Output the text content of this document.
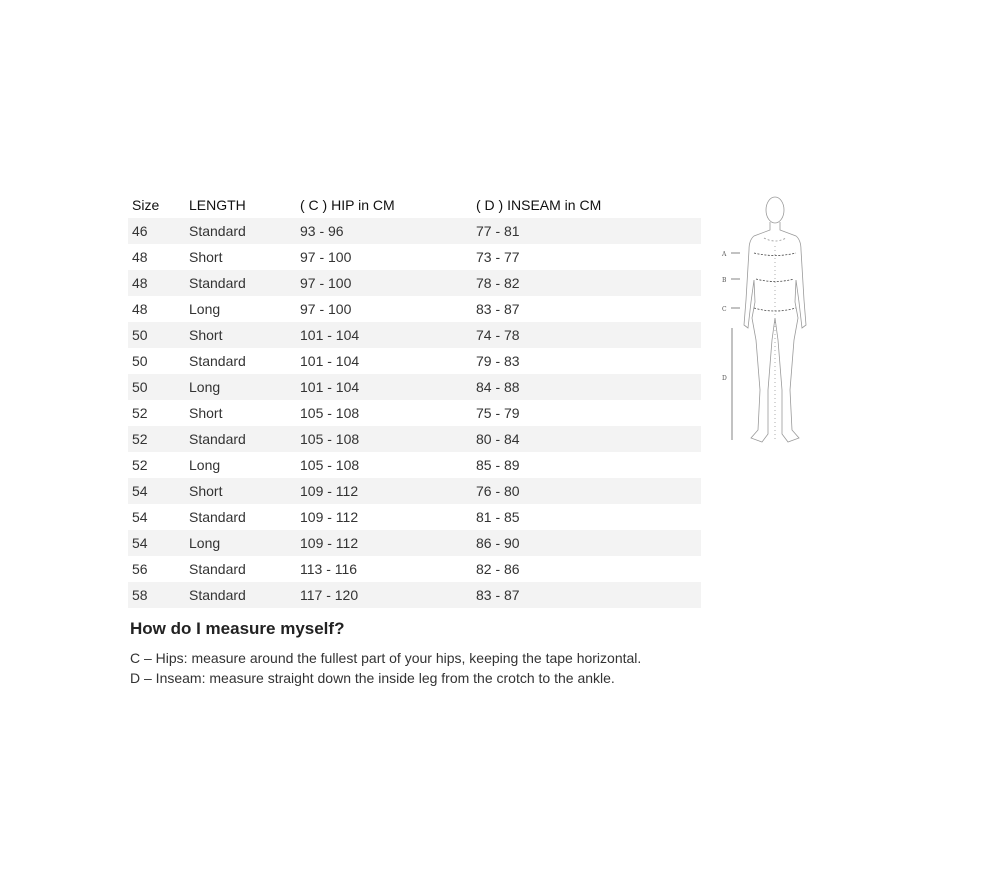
Size	LENGTH	( C ) HIP in CM	( D ) INSEAM in CM
46	Standard	93 - 96	77 - 81
48	Short	97 - 100	73 - 77
48	Standard	97 - 100	78 - 82
48	Long	97 - 100	83 - 87
50	Short	101 - 104	74 - 78
50	Standard	101 - 104	79 - 83
50	Long	101 - 104	84 - 88
52	Short	105 - 108	75 - 79
52	Standard	105 - 108	80 - 84
52	Long	105 - 108	85 - 89
54	Short	109 - 112	76 - 80
54	Standard	109 - 112	81 - 85
54	Long	109 - 112	86 - 90
56	Standard	113 - 116	82 - 86
58	Standard	117 - 120	83 - 87
A
B
C
D
How do I measure myself?

C – Hips: measure around the fullest part of your hips, keeping the tape horizontal.

D – Inseam: measure straight down the inside leg from the crotch to the ankle.
